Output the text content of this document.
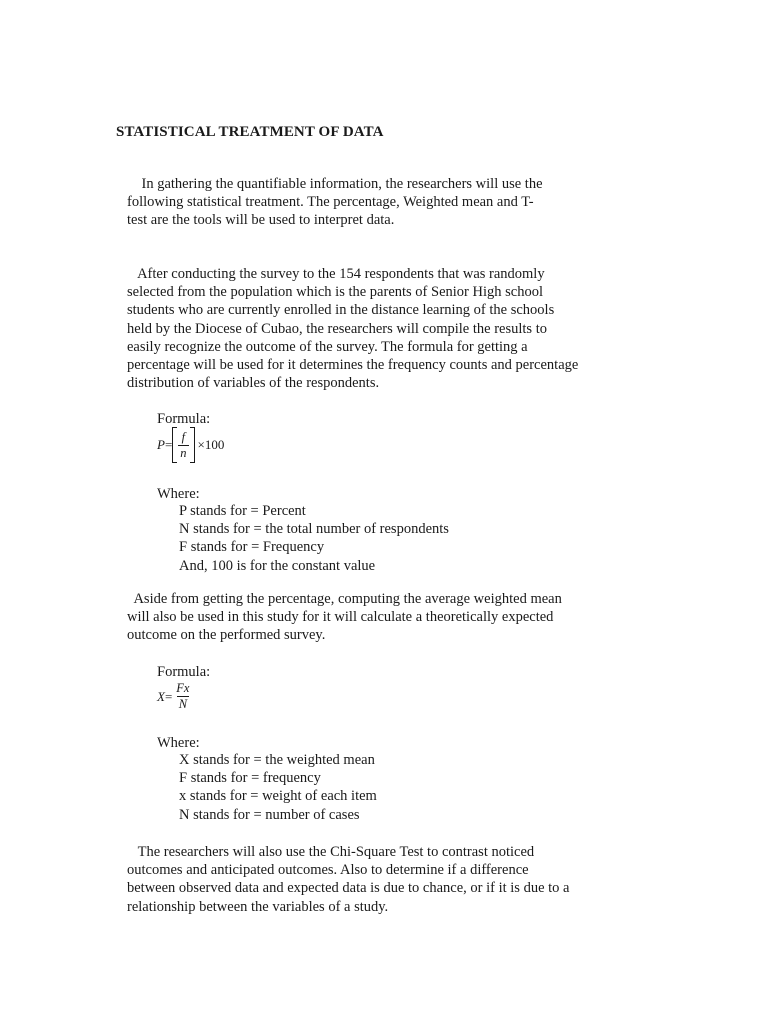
STATISTICAL TREATMENT OF DATA
In gathering the quantifiable information, the researchers will use the
following statistical treatment. The percentage, Weighted mean and T-
test are the tools will be used to interpret data.
After conducting the survey to the 154 respondents that was randomly
selected from the population which is the parents of Senior High school
students who are currently enrolled in the distance learning of the schools
held by the Diocese of Cubao, the researchers will compile the results to
easily recognize the outcome of the survey. The formula for getting a
percentage will be used for it determines the frequency counts and percentage
distribution of variables of the respondents.
Formula:
$P = \frac{f}{n} \times 100$
Where:
P stands for = Percent
N stands for = the total number of respondents
F stands for = Frequency
And, 100 is for the constant value
Aside from getting the percentage, computing the average weighted mean
will also be used in this study for it will calculate a theoretically expected
outcome on the performed survey.
Formula:
$X = \frac{Fx}{N}$
Where:
X stands for = the weighted mean
F stands for = frequency
x stands for = weight of each item
N stands for = number of cases
The researchers will also use the Chi-Square Test to contrast noticed
outcomes and anticipated outcomes. Also to determine if a difference
between observed data and expected data is due to chance, or if it is due to a
relationship between the variables of a study.
